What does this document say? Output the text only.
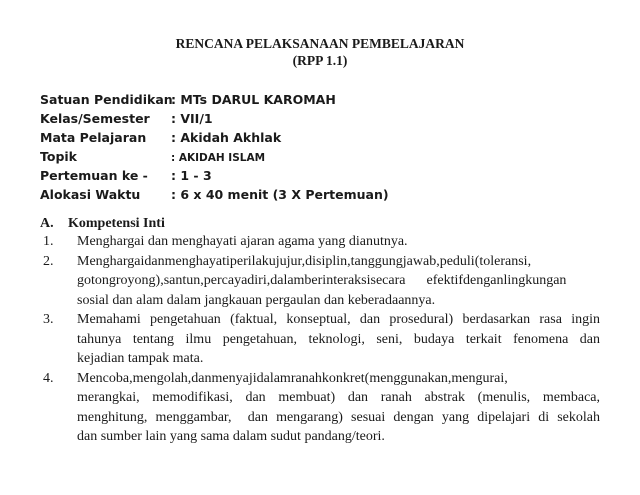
RENCANA PELAKSANAAN PEMBELAJARAN
(RPP 1.1)
Satuan Pendidikan: MTs DARUL KAROMAH
Kelas/Semester : VII/1
Mata Pelajaran : Akidah Akhlak
Topik	: AKIDAH ISLAM
Pertemuan ke - : 1 - 3
Alokasi Waktu : 6 x 40 menit (3 X Pertemuan)
A. Kompetensi Inti
1. Menghargai dan menghayati ajaran agama yang dianutnya.
2. Menghargaidanmenghayatiperilakujujur,disiplin,tanggungjawab,peduli(toleransi,
gotongroyong),santun,percayadiri,dalamberinteraksisecara      efektifdenganlingkungan
sosial dan alam dalam jangkauan pergaulan dan keberadaannya.
3. Memahami pengetahuan (faktual, konseptual, dan prosedural) berdasarkan rasa ingin
tahunya tentang ilmu pengetahuan, teknologi, seni, budaya terkait fenomena dan
kejadian tampak mata.
4. Mencoba,mengolah,danmenyajidalamranahkonkret(menggunakan,mengurai,
merangkai, memodifikasi, dan membuat) dan ranah abstrak (menulis, membaca,
menghitung, menggambar,  dan mengarang) sesuai dengan yang dipelajari di sekolah
dan sumber lain yang sama dalam sudut pandang/teori.
